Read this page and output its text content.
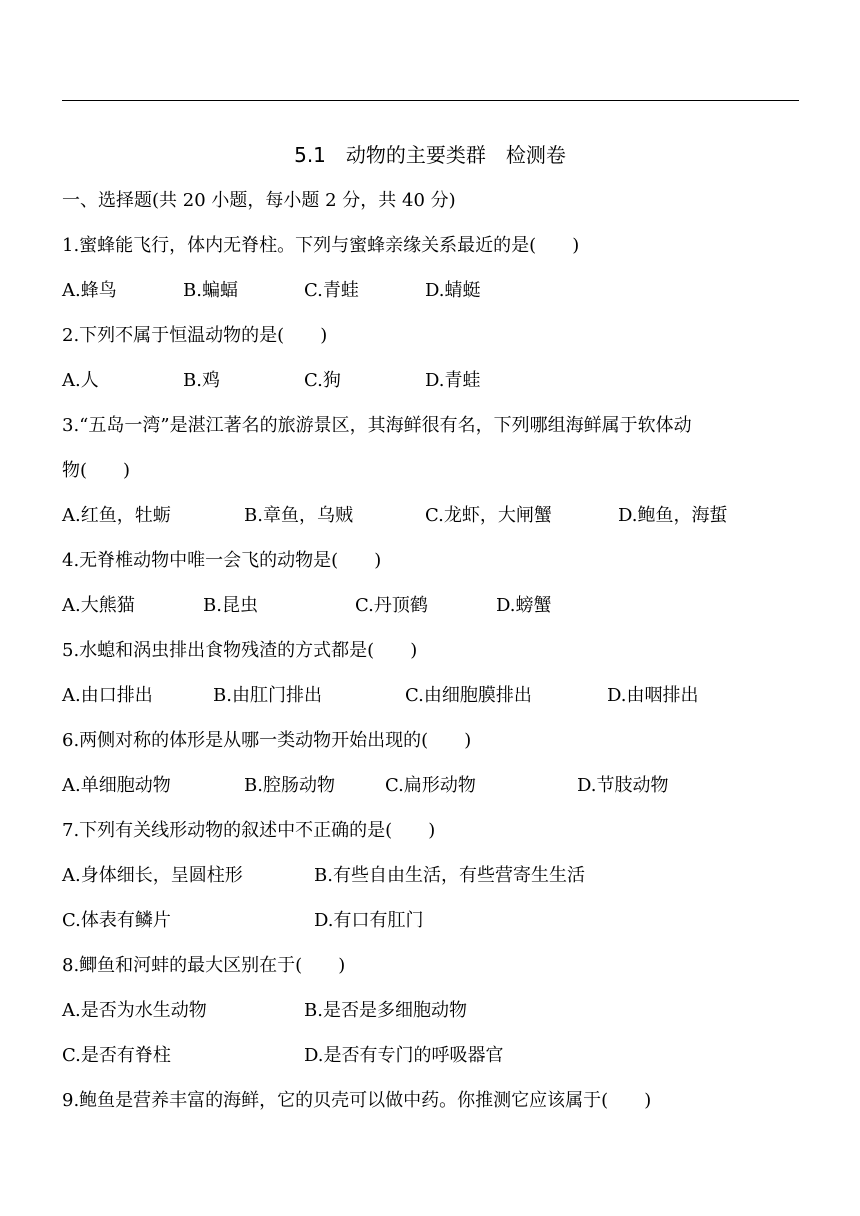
5.1　动物的主要类群　检测卷
一、选择题(共 20 小题，每小题 2 分，共 40 分)
1.蜜蜂能飞行，体内无脊柱。下列与蜜蜂亲缘关系最近的是(　　)
A.蜂鸟	B.蝙蝠	C.青蛙	D.蜻蜓
2.下列不属于恒温动物的是(　　)
A.人	B.鸡	C.狗	D.青蛙
3.“五岛一湾”是湛江著名的旅游景区，其海鲜很有名，下列哪组海鲜属于软体动
物(　　)
A.红鱼，牡蛎	B.章鱼，乌贼	C.龙虾，大闸蟹	D.鲍鱼，海蜇
4.无脊椎动物中唯一会飞的动物是(　　)
A.大熊猫	B.昆虫	C.丹顶鹤	D.螃蟹
5.水螅和涡虫排出食物残渣的方式都是(　　)
A.由口排出	B.由肛门排出	C.由细胞膜排出	D.由咽排出
6.两侧对称的体形是从哪一类动物开始出现的(　　)
A.单细胞动物	B.腔肠动物	C.扁形动物	D.节肢动物
7.下列有关线形动物的叙述中不正确的是(　　)
A.身体细长，呈圆柱形	B.有些自由生活，有些营寄生生活
C.体表有鳞片	D.有口有肛门
8.鲫鱼和河蚌的最大区别在于(　　)
A.是否为水生动物	B.是否是多细胞动物
C.是否有脊柱	D.是否有专门的呼吸器官
9.鲍鱼是营养丰富的海鲜，它的贝壳可以做中药。你推测它应该属于(　　)
